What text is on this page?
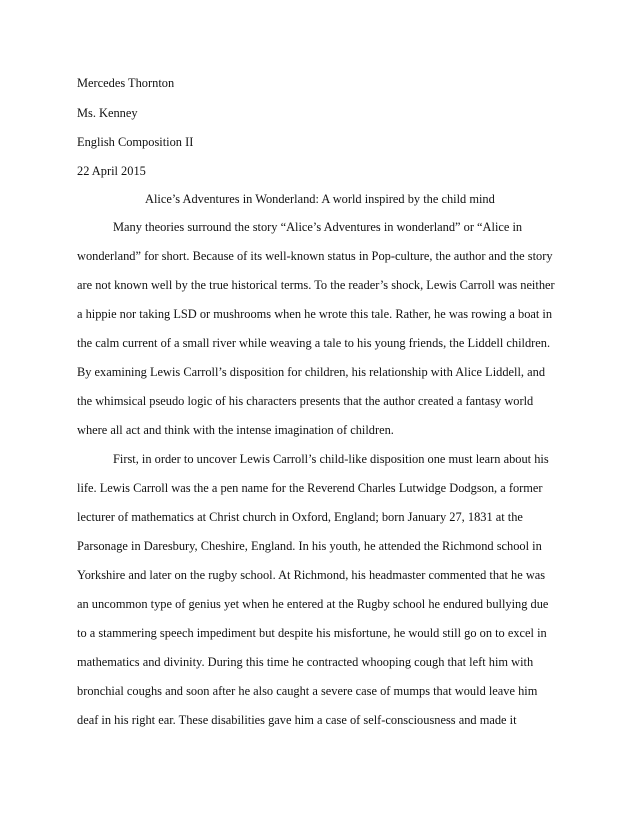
Mercedes Thornton

Ms. Kenney

English Composition II

22 April 2015

Alice’s Adventures in Wonderland: A world inspired by the child mind

Many theories surround the story “Alice’s Adventures in wonderland” or “Alice in

wonderland” for short. Because of its well-known status in Pop-culture, the author and the story

are not known well by the true historical terms. To the reader’s shock, Lewis Carroll was neither

a hippie nor taking LSD or mushrooms when he wrote this tale. Rather, he was rowing a boat in

the calm current of a small river while weaving a tale to his young friends, the Liddell children.

By examining Lewis Carroll’s disposition for children, his relationship with Alice Liddell, and

the whimsical pseudo logic of his characters presents that the author created a fantasy world

where all act and think with the intense imagination of children.

First, in order to uncover Lewis Carroll’s child-like disposition one must learn about his

life. Lewis Carroll was the a pen name for the Reverend Charles Lutwidge Dodgson, a former

lecturer of mathematics at Christ church in Oxford, England; born January 27, 1831 at the

Parsonage in Daresbury, Cheshire, England. In his youth, he attended the Richmond school in

Yorkshire and later on the rugby school. At Richmond, his headmaster commented that he was

an uncommon type of genius yet when he entered at the Rugby school he endured bullying due

to a stammering speech impediment but despite his misfortune, he would still go on to excel in

mathematics and divinity. During this time he contracted whooping cough that left him with

bronchial coughs and soon after he also caught a severe case of mumps that would leave him

deaf in his right ear. These disabilities gave him a case of self-consciousness and made it
